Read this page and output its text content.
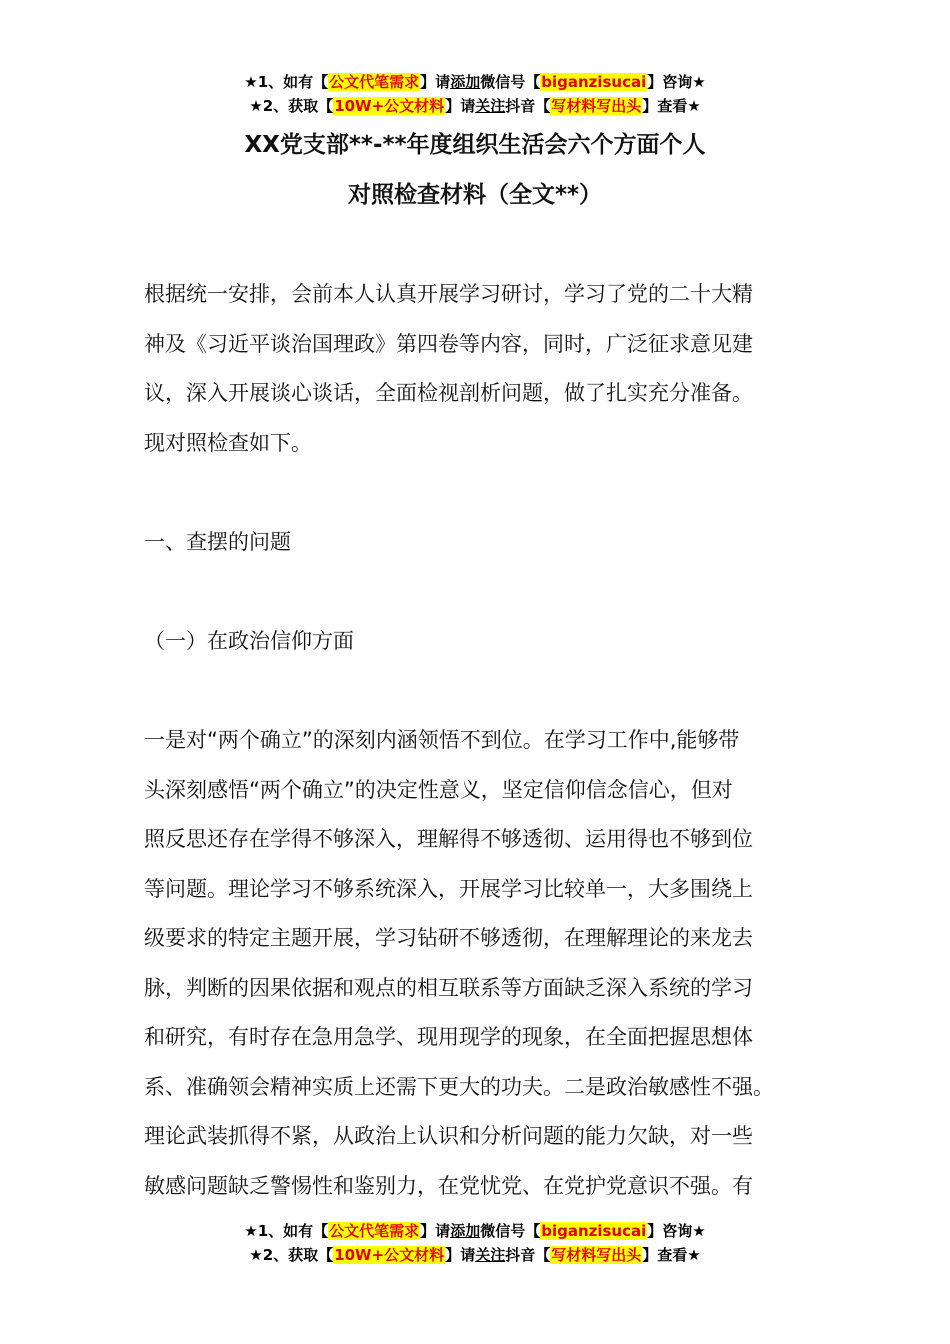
★1、如有【公文代笔需求】请添加微信号【biganzisucai】咨询★
★2、获取【10W+公文材料】请关注抖音【写材料写出头】查看★
XX党支部**-**年度组织生活会六个方面个人
对照检查材料（全文**）
根据统一安排，会前本人认真开展学习研讨，学习了党的二十大精
神及《习近平谈治国理政》第四卷等内容，同时，广泛征求意见建
议，深入开展谈心谈话，全面检视剖析问题，做了扎实充分准备。
现对照检查如下。
一、查摆的问题
（一）在政治信仰方面
一是对“两个确立”的深刻内涵领悟不到位。在学习工作中,能够带
头深刻感悟“两个确立”的决定性意义，坚定信仰信念信心，但对
照反思还存在学得不够深入，理解得不够透彻、运用得也不够到位
等问题。理论学习不够系统深入，开展学习比较单一，大多围绕上
级要求的特定主题开展，学习钻研不够透彻，在理解理论的来龙去
脉，判断的因果依据和观点的相互联系等方面缺乏深入系统的学习
和研究，有时存在急用急学、现用现学的现象，在全面把握思想体
系、准确领会精神实质上还需下更大的功夫。二是政治敏感性不强。
理论武装抓得不紧，从政治上认识和分析问题的能力欠缺，对一些
敏感问题缺乏警惕性和鉴别力，在党忧党、在党护党意识不强。有
★1、如有【公文代笔需求】请添加微信号【biganzisucai】咨询★
★2、获取【10W+公文材料】请关注抖音【写材料写出头】查看★
